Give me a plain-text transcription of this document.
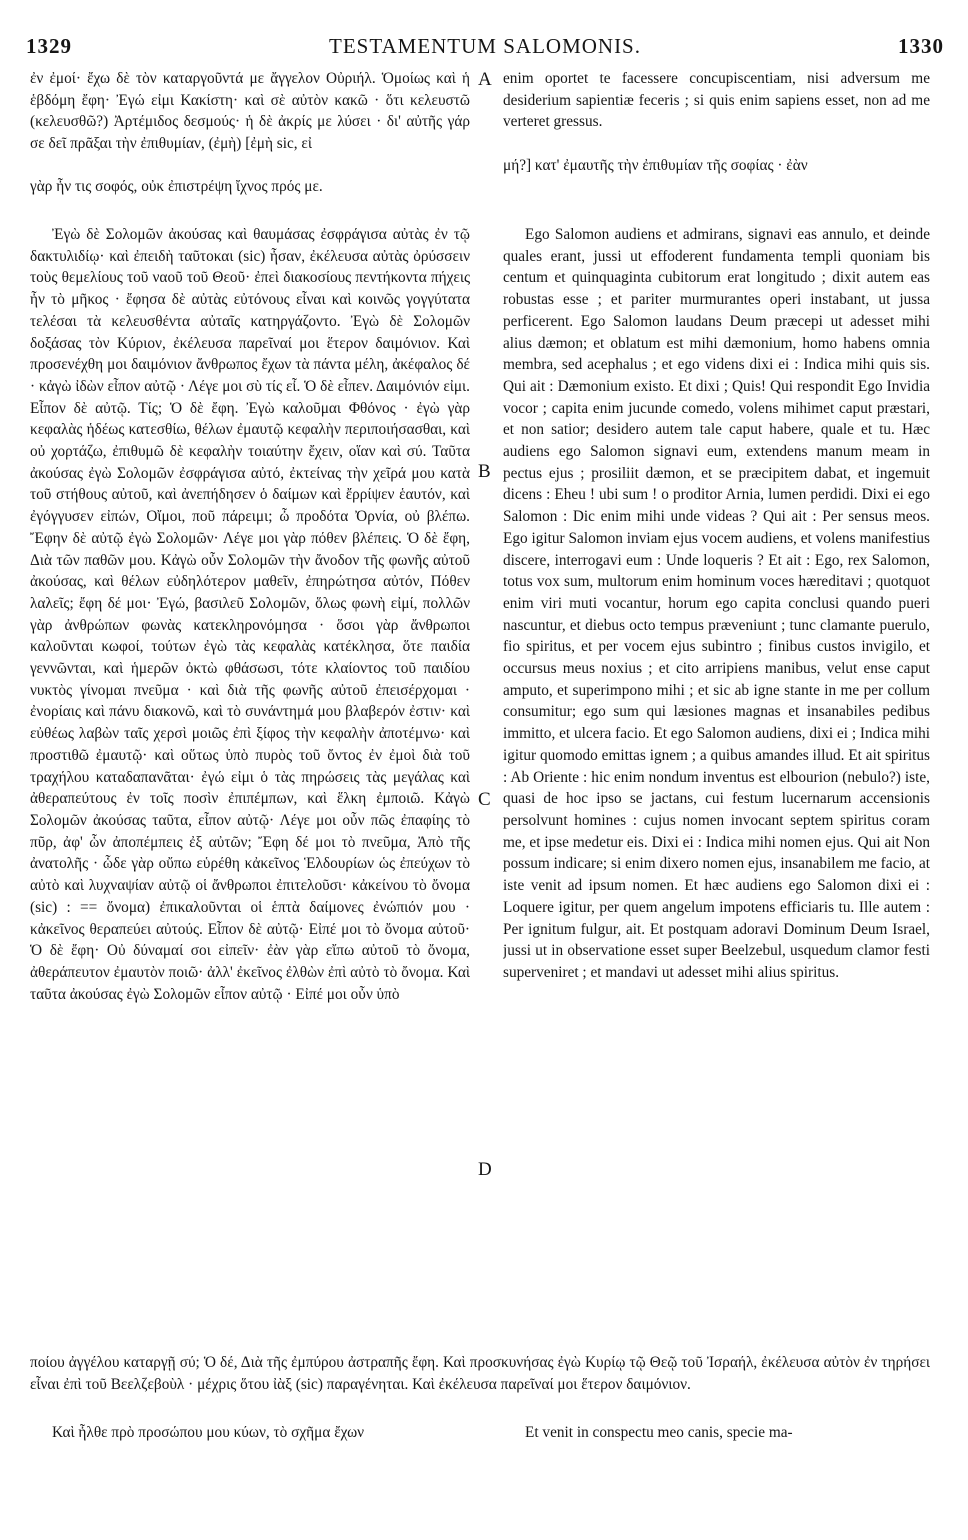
1329	TESTAMENTUM SALOMONIS.	1330

ἐν ἐμοί· ἔχω δὲ τὸν καταργοῦντά με ἄγγελον Οὐριήλ. Ὁμοίως καὶ ἡ ἑβδόμη ἔφη· Ἐγώ εἰμι Κακίστη· καὶ σὲ αὐτὸν κακῶ · ὅτι κελευστῶ (κελευσθῶ?) Ἀρτέμιδος δεσμούς· ἡ δὲ ἀκρίς με λύσει · δι' αὐτῆς γάρ σε δεῖ πρᾶξαι τὴν ἐπιθυμίαν, (ἐμὴ) [ἐμὴ sic, εἰ

enim oportet te facessere concupiscentiam, nisi adversum me desiderium sapientiæ feceris ; si quis enim sapiens esset, non ad me verteret gressus.

μή?] κατ' ἐμαυτῆς τὴν ἐπιθυμίαν τῆς σοφίας · ἐὰν

γὰρ ἦν τις σοφός, οὐκ ἐπιστρέψη ἴχνος πρός με.

Ἐγὼ δὲ Σολομῶν ἀκούσας καὶ θαυμάσας ἐσφράγισα αὐτὰς ἐν τῷ δακτυλιδίῳ· καὶ ἐπειδὴ ταῦτοκαι (sic) ἦσαν, ἐκέλευσα αὐτὰς ὀρύσσειν τοὺς θεμελίους τοῦ ναοῦ τοῦ Θεοῦ· ἐπεὶ διακοσίους πεντήκοντα πήχεις ἦν τὸ μῆκος · ἔφησα δὲ αὐτὰς εὐτόνους εἶναι καὶ κοινῶς γογγύτατα τελέσαι τὰ κελευσθέντα αὐταῖς κατηργάζοντο. Ἐγὼ δὲ Σολομῶν δοξάσας τὸν Κύριον, ἐκέλευσα παρεῖναί μοι ἕτερον δαιμόνιον. Καὶ προσενέχθη μοι δαιμόνιον ἄνθρωπος ἔχων τὰ πάντα μέλη, ἀκέφαλος δέ · κἀγὼ ἰδὼν εἶπον αὐτῷ · Λέγε μοι σὺ τίς εἶ. Ὁ δὲ εἶπεν. Δαιμόνιόν εἰμι. Εἶπον δὲ αὐτῷ. Τίς; Ὁ δὲ ἔφη. Ἐγὼ καλοῦμαι Φθόνος · ἐγὼ γὰρ κεφαλὰς ἡδέως κατεσθίω, θέλων ἐμαυτῷ κεφαλὴν περιποιήσασθαι, καὶ οὐ χορτάζω, ἐπιθυμῶ δὲ κεφαλὴν τοιαύτην ἔχειν, οἵαν καὶ σύ. Ταῦτα ἀκούσας ἐγὼ Σολομῶν ἐσφράγισα αὐτό, ἐκτείνας τὴν χεῖρά μου κατὰ τοῦ στήθους αὐτοῦ, καὶ ἀνεπήδησεν ὁ δαίμων καὶ ἔρρίψεν ἑαυτόν, καὶ ἐγόγγυσεν εἰπών, Οἴμοι, ποῦ πάρειμι; ὦ προδότα Ὀρνία, οὐ βλέπω. Ἔφην δὲ αὐτῷ ἐγὼ Σολομῶν· Λέγε μοι γὰρ πόθεν βλέπεις. Ὁ δὲ ἔφη, Διὰ τῶν παθῶν μου. Κἀγὼ οὖν Σολομῶν τὴν ἄνοδον τῆς φωνῆς αὐτοῦ ἀκούσας, καὶ θέλων εὐδηλότερον μαθεῖν, ἐπηρώτησα αὐτόν, Πόθεν λαλεῖς; ἔφη δέ μοι· Ἐγώ, βασιλεῦ Σολομῶν, ὅλως φωνὴ εἰμί, πολλῶν γὰρ ἀνθρώπων φωνὰς κατεκληρονόμησα · ὅσοι γὰρ ἄνθρωποι καλοῦνται κωφοί, τούτων ἐγὼ τὰς κεφαλὰς κατέκλησα, ὅτε παιδία γεννῶνται, καὶ ἡμερῶν ὀκτὼ φθάσωσι, τότε κλαίοντος τοῦ παιδίου νυκτὸς γίνομαι πνεῦμα · καὶ διὰ τῆς φωνῆς αὐτοῦ ἐπεισέρχομαι · ἐνορίαις καὶ πάνυ διακονῶ, καὶ τὸ συνάντημά μου βλαβερόν ἐστιν· καὶ εὐθέως λαβὼν ταῖς χερσὶ μοιῶς ἐπὶ ξίφος τὴν κεφαλὴν ἀποτέμνω· καὶ προστιθῶ ἐμαυτῷ· καὶ οὕτως ὑπὸ πυρὸς τοῦ ὄντος ἐν ἐμοὶ διὰ τοῦ τραχήλου καταδαπανᾶται· ἐγώ εἰμι ὁ τὰς πηρώσεις τὰς μεγάλας καὶ ἀθεραπεύτους ἐν τοῖς ποσὶν ἐπιπέμπων, καὶ ἕλκη ἐμποιῶ. Κἀγὼ Σολομῶν ἀκούσας ταῦτα, εἶπον αὐτῷ· Λέγε μοι οὖν πῶς ἐπαφίης τὸ πῦρ, ἀφ' ὧν ἀποπέμπεις ἐξ αὐτῶν; Ἔφη δέ μοι τὸ πνεῦμα, Ἀπὸ τῆς ἀνατολῆς · ὧδε γὰρ οὔπω εὑρέθη κἀκεῖνος Ἑλδουρίων ὡς ἐπεύχων τὸ αὐτὸ καὶ λυχναψίαν αὐτῷ οἱ ἄνθρωποι ἐπιτελοῦσι· κἀκείνου τὸ ὄνομα (sic) : == ὄνομα) ἐπικαλοῦνται οἱ ἑπτὰ δαίμονες ἐνώπιόν μου · κἀκεῖνος θεραπεύει αὐτούς. Εἶπον δὲ αὐτῷ· Εἰπέ μοι τὸ ὄνομα αὐτοῦ· Ὁ δὲ ἔφη· Οὐ δύναμαί σοι εἰπεῖν· ἐὰν γὰρ εἴπω αὐτοῦ τὸ ὄνομα, ἀθεράπευτον ἐμαυτὸν ποιῶ· ἀλλ' ἐκεῖνος ἐλθὼν ἐπὶ αὐτὸ τὸ ὄνομα. Καὶ ταῦτα ἀκούσας ἐγὼ Σολομῶν εἶπον αὐτῷ · Εἰπέ μοι οὖν ὑπὸ

Ego Salomon audiens et admirans, signavi eas annulo, et deinde quales erant, jussi ut effoderent fundamenta templi quoniam bis centum et quinquaginta cubitorum erat longitudo ; dixit autem eas robustas esse ; et pariter murmurantes operi instabant, ut jussa perficerent. Ego Salomon laudans Deum præcepi ut adesset mihi alius dæmon; et oblatum est mihi dæmonium, homo habens omnia membra, sed acephalus ; et ego videns dixi ei : Indica mihi quis sis. Qui ait : Dæmonium existo. Et dixi ; Quis! Qui respondit Ego Invidia vocor ; capita enim jucunde comedo, volens mihimet caput præstari, et non satior; desidero autem tale caput habere, quale et tu. Hæc audiens ego Salomon signavi eum, extendens manum meam in pectus ejus ; prosiliit dæmon, et se præcipitem dabat, et ingemuit dicens : Eheu ! ubi sum ! o proditor Arnia, lumen perdidi. Dixi ei ego Salomon : Dic enim mihi unde videas ? Qui ait : Per sensus meos. Ego igitur Salomon inviam ejus vocem audiens, et volens manifestius discere, interrogavi eum : Unde loqueris ? Et ait : Ego, rex Salomon, totus vox sum, multorum enim hominum voces hæreditavi ; quotquot enim viri muti vocantur, horum ego capita conclusi quando pueri nascuntur, et diebus octo tempus præveniunt ; tunc clamante puerulo, fio spiritus, et per vocem ejus subintro ; finibus custos invigilo, et occursus meus noxius ; et cito arripiens manibus, velut ense caput amputo, et superimpono mihi ; et sic ab igne stante in me per collum consumitur; ego sum qui læsiones magnas et insanabiles pedibus immitto, et ulcera facio. Et ego Salomon audiens, dixi ei ; Indica mihi igitur quomodo emittas ignem ; a quibus amandes illud. Et ait spiritus : Ab Oriente : hic enim nondum inventus est elbourion (nebulo?) iste, quasi de hoc ipso se jactans, cui festum lucernarum accensionis persolvunt homines : cujus nomen invocant septem spiritus coram me, et ipse medetur eis. Dixi ei : Indica mihi nomen ejus. Qui ait Non possum indicare; si enim dixero nomen ejus, insanabilem me facio, at iste venit ad ipsum nomen. Et hæc audiens ego Salomon dixi ei : Loquere igitur, per quem angelum impotens efficiaris tu. Ille autem : Per ignitum fulgur, ait. Et postquam adoravi Dominum Deum Israel, jussi ut in observatione esset super Beelzebul, usquedum clamor festi superveniret ; et mandavi ut adesset mihi alius spiritus.

ποίου ἀγγέλου καταργῇ σύ; Ὁ δέ, Διὰ τῆς ἐμπύρου ἀστραπῆς ἔφη. Καὶ προσκυνήσας ἐγὼ Κυρίῳ τῷ Θεῷ τοῦ Ἰσραήλ, ἐκέλευσα αὐτὸν ἐν τηρήσει εἶναι ἐπὶ τοῦ Βεελζεβοὺλ · μέχρις ὅτου ἰὰξ (sic) παραγένηται. Καὶ ἐκέλευσα παρεῖναί μοι ἕτερον δαιμόνιον.

Καὶ ἦλθε πρὸ προσώπου μου κύων, τὸ σχῆμα ἔχων	Et venit in conspectu meo canis, specie ma-

A
B
C
D
